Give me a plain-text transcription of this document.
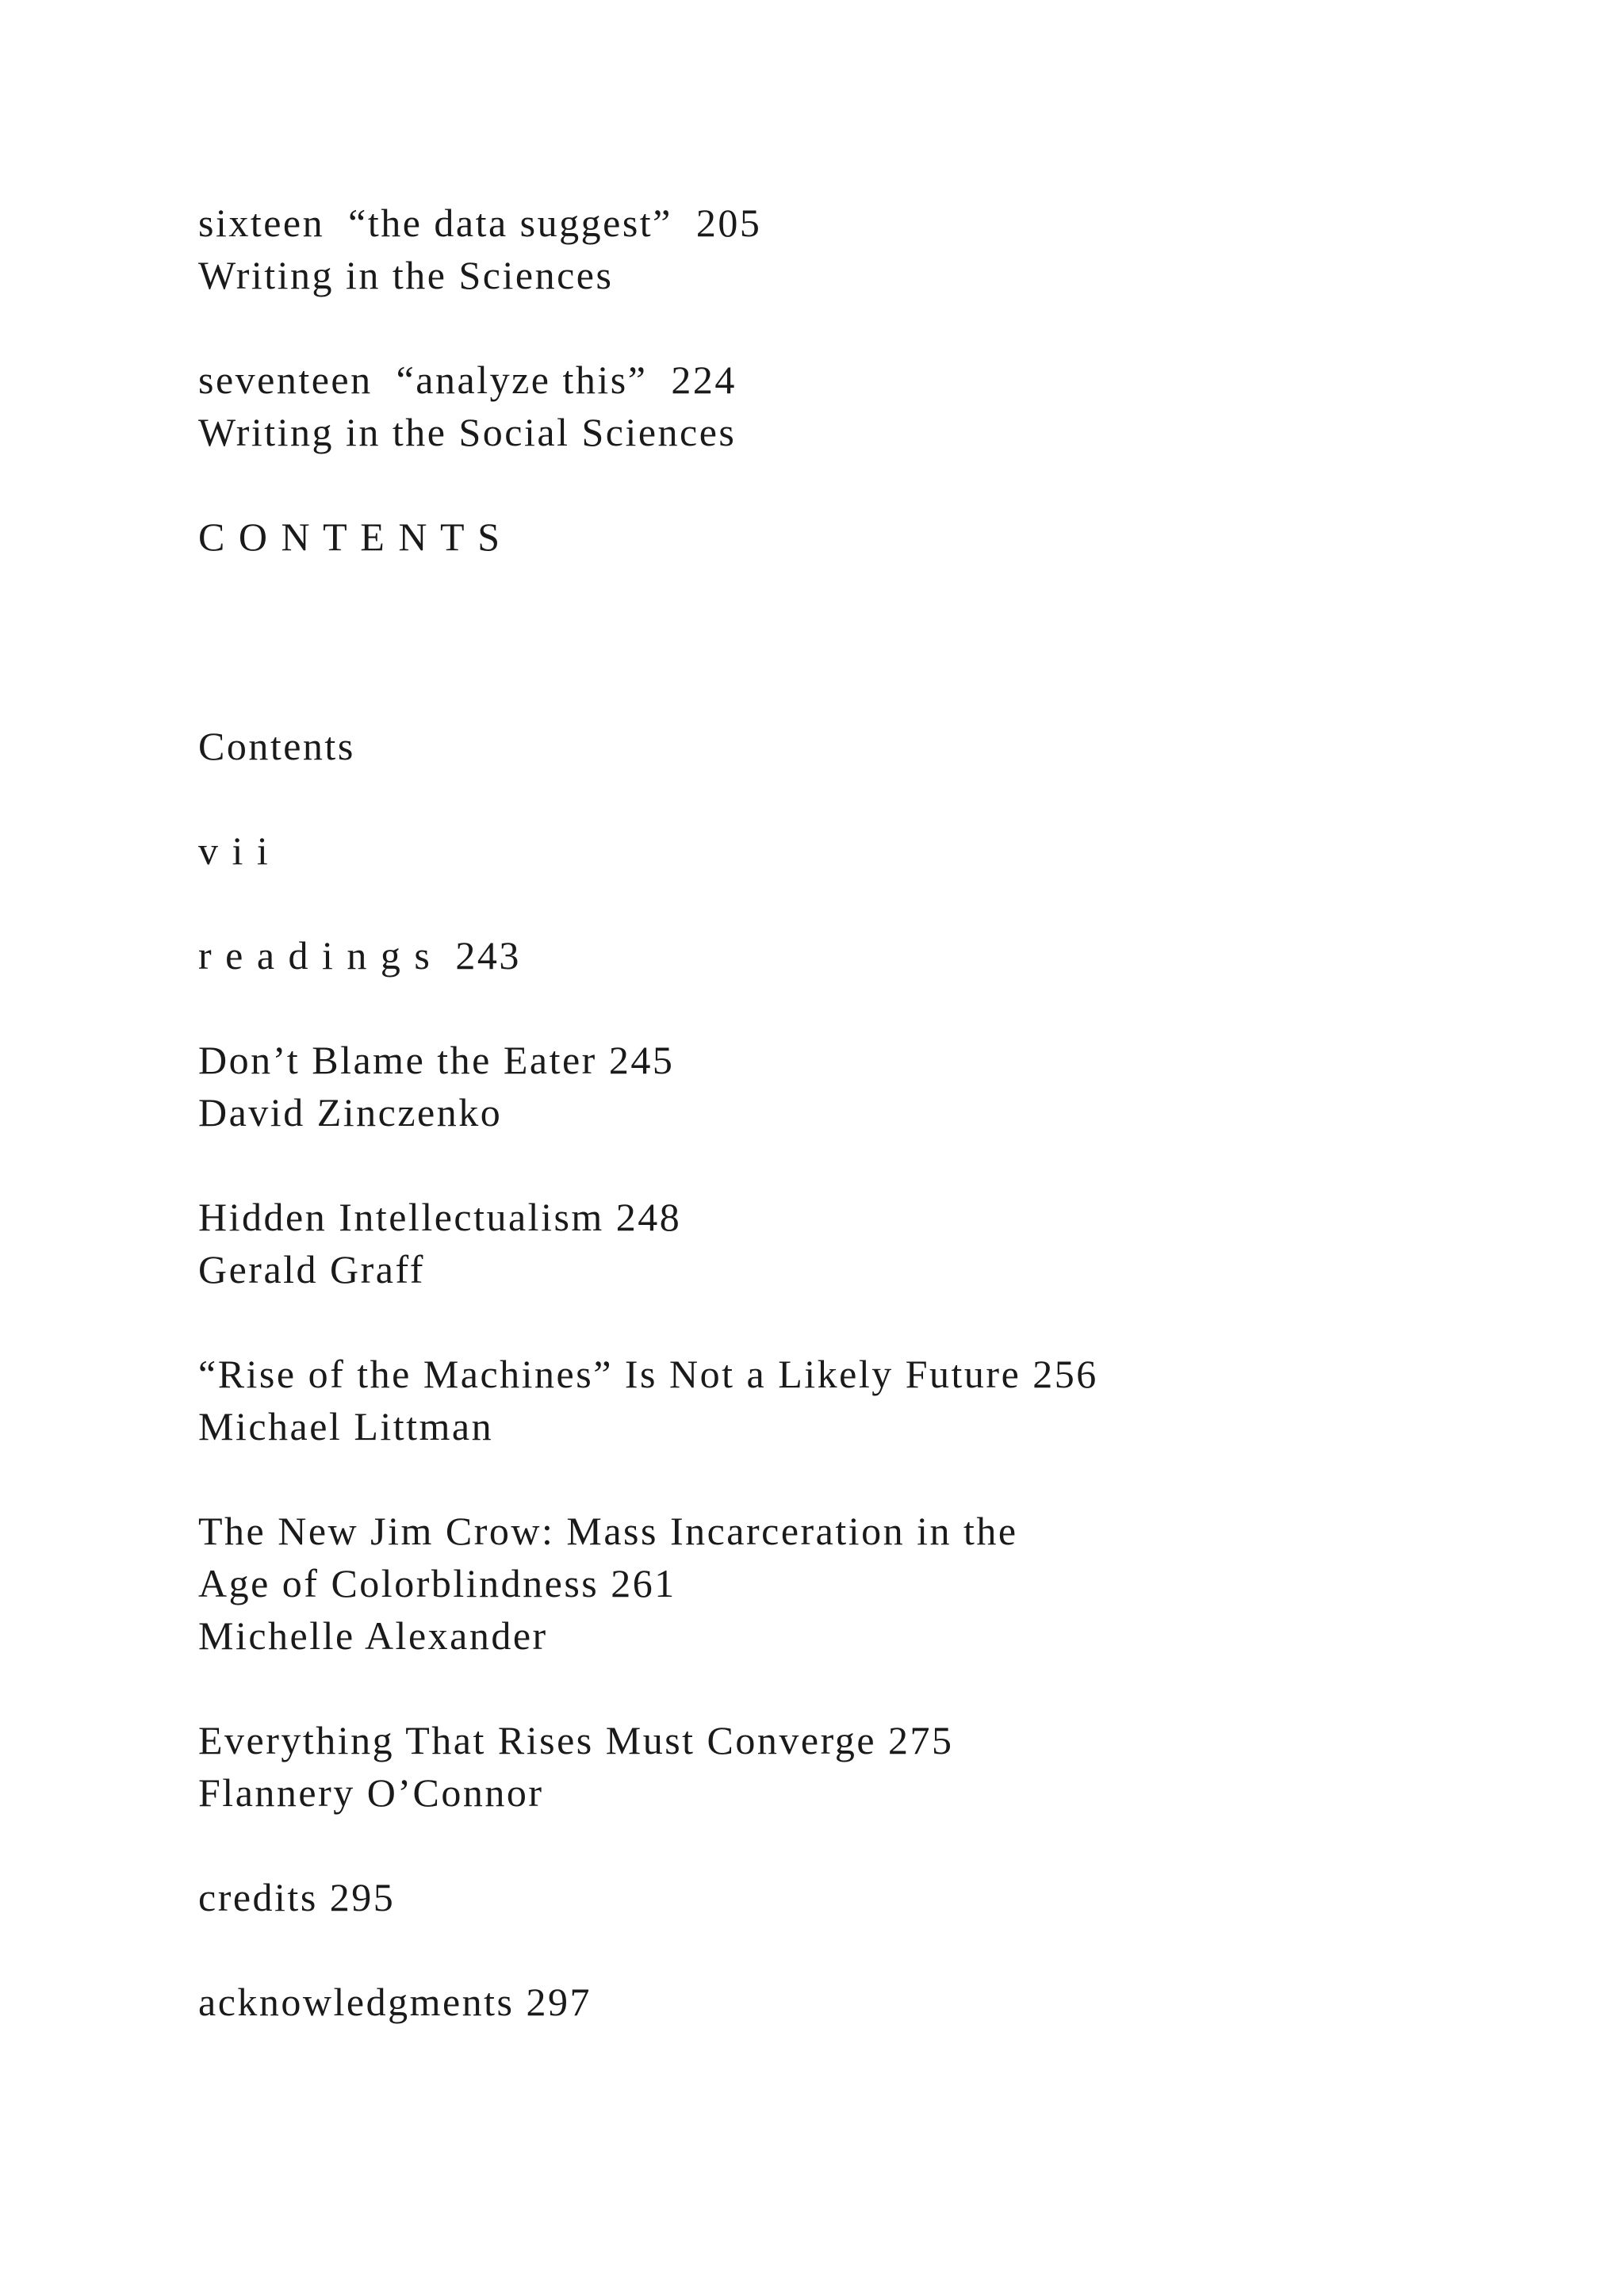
sixteen  “the data suggest”  205
Writing in the Sciences
seventeen  “analyze this”  224
Writing in the Social Sciences
C O N T E N T S
Contents
v i i
r e a d i n g s  243
Don’t Blame the Eater 245
David Zinczenko
Hidden Intellectualism 248
Gerald Graff
“Rise of the Machines” Is Not a Likely Future 256
Michael Littman
The New Jim Crow: Mass Incarceration in the
Age of Colorblindness 261
Michelle Alexander
Everything That Rises Must Converge 275
Flannery O’Connor
credits 295
acknowledgments 297
